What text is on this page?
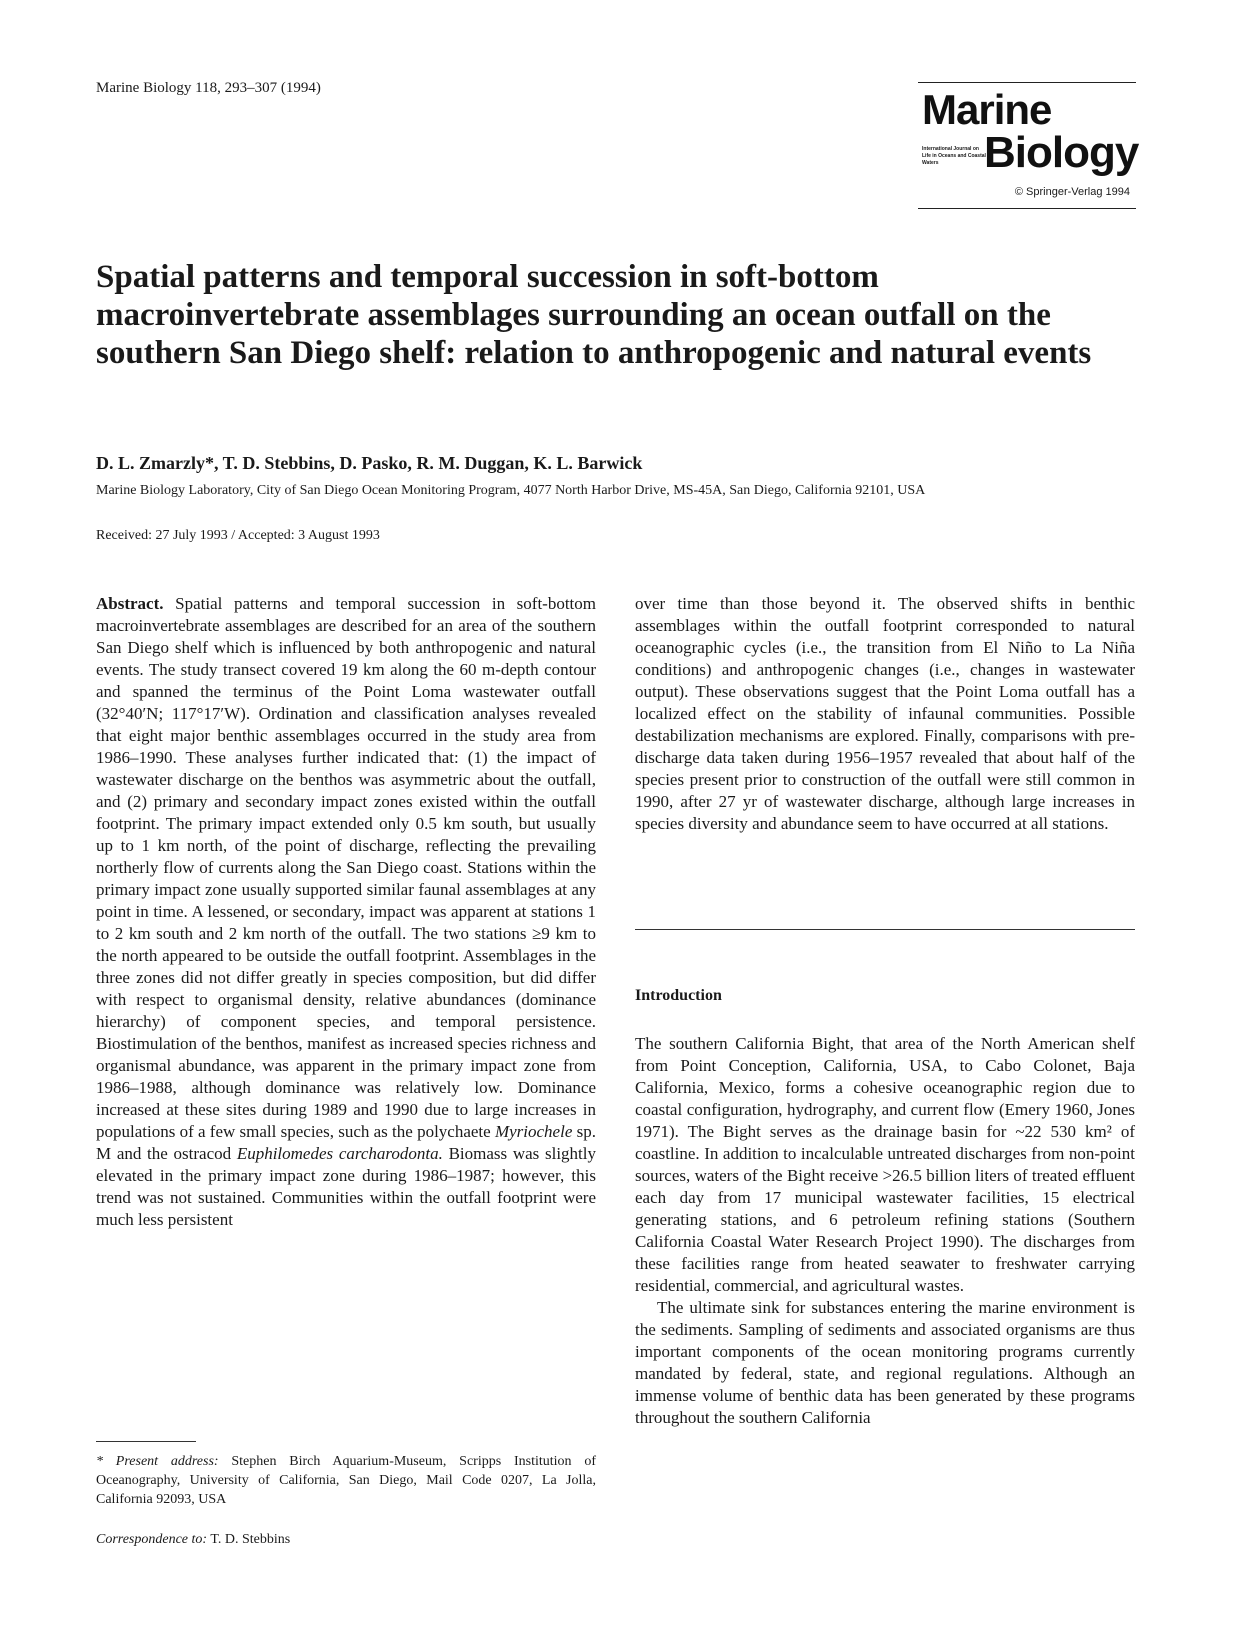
Marine Biology 118, 293–307 (1994)	Marine
International Journal on Life in Oceans and Coastal Waters	Biology
© Springer-Verlag 1994
Spatial patterns and temporal succession in soft-bottom macroinvertebrate assemblages surrounding an ocean outfall on the southern San Diego shelf: relation to anthropogenic and natural events
D. L. Zmarzly*, T. D. Stebbins, D. Pasko, R. M. Duggan, K. L. Barwick
Marine Biology Laboratory, City of San Diego Ocean Monitoring Program, 4077 North Harbor Drive, MS-45A, San Diego, California 92101, USA
Received: 27 July 1993 / Accepted: 3 August 1993

Abstract. Spatial patterns and temporal succession in soft-bottom macroinvertebrate assemblages are described for an area of the southern San Diego shelf which is influenced by both anthropogenic and natural events. The study transect covered 19 km along the 60 m-depth contour and spanned the terminus of the Point Loma wastewater outfall (32°40′N; 117°17′W). Ordination and classification analyses revealed that eight major benthic assemblages occurred in the study area from 1986–1990. These analyses further indicated that: (1) the impact of wastewater discharge on the benthos was asymmetric about the outfall, and (2) primary and secondary impact zones existed within the outfall footprint. The primary impact extended only 0.5 km south, but usually up to 1 km north, of the point of discharge, reflecting the prevailing northerly flow of currents along the San Diego coast. Stations within the primary impact zone usually supported similar faunal assemblages at any point in time. A lessened, or secondary, impact was apparent at stations 1 to 2 km south and 2 km north of the outfall. The two stations ≥9 km to the north appeared to be outside the outfall footprint. Assemblages in the three zones did not differ greatly in species composition, but did differ with respect to organismal density, relative abundances (dominance hierarchy) of component species, and temporal persistence. Biostimulation of the benthos, manifest as increased species richness and organismal abundance, was apparent in the primary impact zone from 1986–1988, although dominance was relatively low. Dominance increased at these sites during 1989 and 1990 due to large increases in populations of a few small species, such as the polychaete Myriochele sp. M and the ostracod Euphilomedes carcharodonta. Biomass was slightly elevated in the primary impact zone during 1986–1987; however, this trend was not sustained. Communities within the outfall footprint were much less persistent

over time than those beyond it. The observed shifts in benthic assemblages within the outfall footprint corresponded to natural oceanographic cycles (i.e., the transition from El Niño to La Niña conditions) and anthropogenic changes (i.e., changes in wastewater output). These observations suggest that the Point Loma outfall has a localized effect on the stability of infaunal communities. Possible destabilization mechanisms are explored. Finally, comparisons with pre-discharge data taken during 1956–1957 revealed that about half of the species present prior to construction of the outfall were still common in 1990, after 27 yr of wastewater discharge, although large increases in species diversity and abundance seem to have occurred at all stations.

Introduction

The southern California Bight, that area of the North American shelf from Point Conception, California, USA, to Cabo Colonet, Baja California, Mexico, forms a cohesive oceanographic region due to coastal configuration, hydrography, and current flow (Emery 1960, Jones 1971). The Bight serves as the drainage basin for ~22 530 km² of coastline. In addition to incalculable untreated discharges from non-point sources, waters of the Bight receive >26.5 billion liters of treated effluent each day from 17 municipal wastewater facilities, 15 electrical generating stations, and 6 petroleum refining stations (Southern California Coastal Water Research Project 1990). The discharges from these facilities range from heated seawater to freshwater carrying residential, commercial, and agricultural wastes.

The ultimate sink for substances entering the marine environment is the sediments. Sampling of sediments and associated organisms are thus important components of the ocean monitoring programs currently mandated by federal, state, and regional regulations. Although an immense volume of benthic data has been generated by these programs throughout the southern California

* Present address: Stephen Birch Aquarium-Museum, Scripps Institution of Oceanography, University of California, San Diego, Mail Code 0207, La Jolla, California 92093, USA
Correspondence to: T. D. Stebbins
